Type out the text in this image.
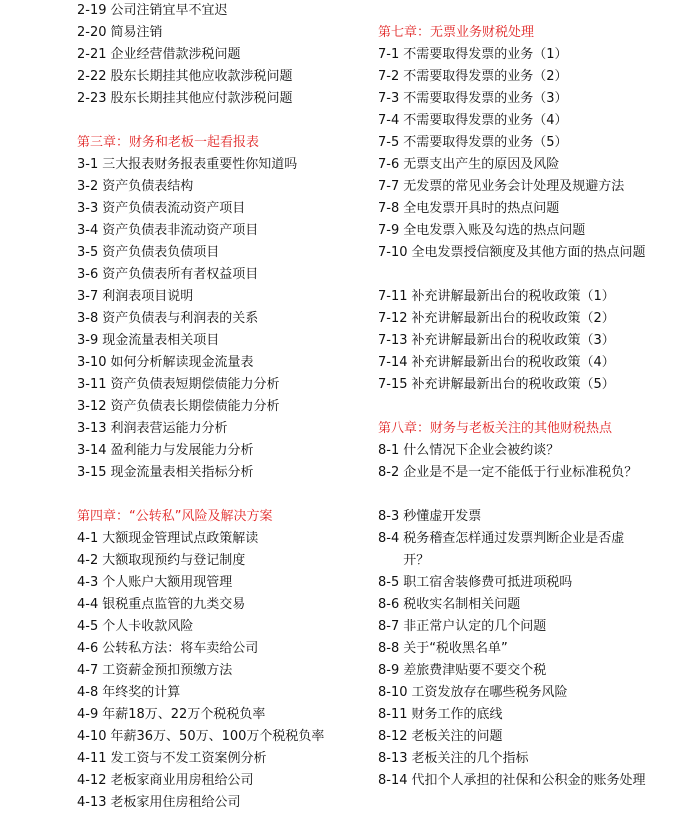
2-19 公司注销宜早不宜迟
2-20 简易注销
2-21 企业经营借款涉税问题
2-22 股东长期挂其他应收款涉税问题
2-23 股东长期挂其他应付款涉税问题
第三章：财务和老板一起看报表
3-1 三大报表财务报表重要性你知道吗
3-2 资产负债表结构
3-3 资产负债表流动资产项目
3-4 资产负债表非流动资产项目
3-5 资产负债表负债项目
3-6 资产负债表所有者权益项目
3-7 利润表项目说明
3-8 资产负债表与利润表的关系
3-9 现金流量表相关项目
3-10 如何分析解读现金流量表
3-11 资产负债表短期偿债能力分析
3-12 资产负债表长期偿债能力分析
3-13 利润表营运能力分析
3-14 盈利能力与发展能力分析
3-15 现金流量表相关指标分析
第四章：“公转私”风险及解决方案
4-1 大额现金管理试点政策解读
4-2 大额取现预约与登记制度
4-3 个人账户大额用现管理
4-4 银税重点监管的九类交易
4-5 个人卡收款风险
4-6 公转私方法：将车卖给公司
4-7 工资薪金预扣预缴方法
4-8 年终奖的计算
4-9 年薪18万、22万个税税负率
4-10 年薪36万、50万、100万个税税负率
4-11 发工资与不发工资案例分析
4-12 老板家商业用房租给公司
4-13 老板家用住房租给公司
第七章：无票业务财税处理
7-1 不需要取得发票的业务（1）
7-2 不需要取得发票的业务（2）
7-3 不需要取得发票的业务（3）
7-4 不需要取得发票的业务（4）
7-5 不需要取得发票的业务（5）
7-6 无票支出产生的原因及风险
7-7 无发票的常见业务会计处理及规避方法
7-8 全电发票开具时的热点问题
7-9 全电发票入账及勾选的热点问题
7-10 全电发票授信额度及其他方面的热点问题
7-11 补充讲解最新出台的税收政策（1）
7-12 补充讲解最新出台的税收政策（2）
7-13 补充讲解最新出台的税收政策（3）
7-14 补充讲解最新出台的税收政策（4）
7-15 补充讲解最新出台的税收政策（5）
第八章：财务与老板关注的其他财税热点
8-1 什么情况下企业会被约谈？
8-2 企业是不是一定不能低于行业标准税负？
8-3 秒懂虚开发票
8-4 税务稽查怎样通过发票判断企业是否虚开？
8-5 职工宿舍装修费可抵进项税吗
8-6 税收实名制相关问题
8-7 非正常户认定的几个问题
8-8 关于“税收黑名单”
8-9 差旅费津贴要不要交个税
8-10 工资发放存在哪些税务风险
8-11 财务工作的底线
8-12 老板关注的问题
8-13 老板关注的几个指标
8-14 代扣个人承担的社保和公积金的账务处理
